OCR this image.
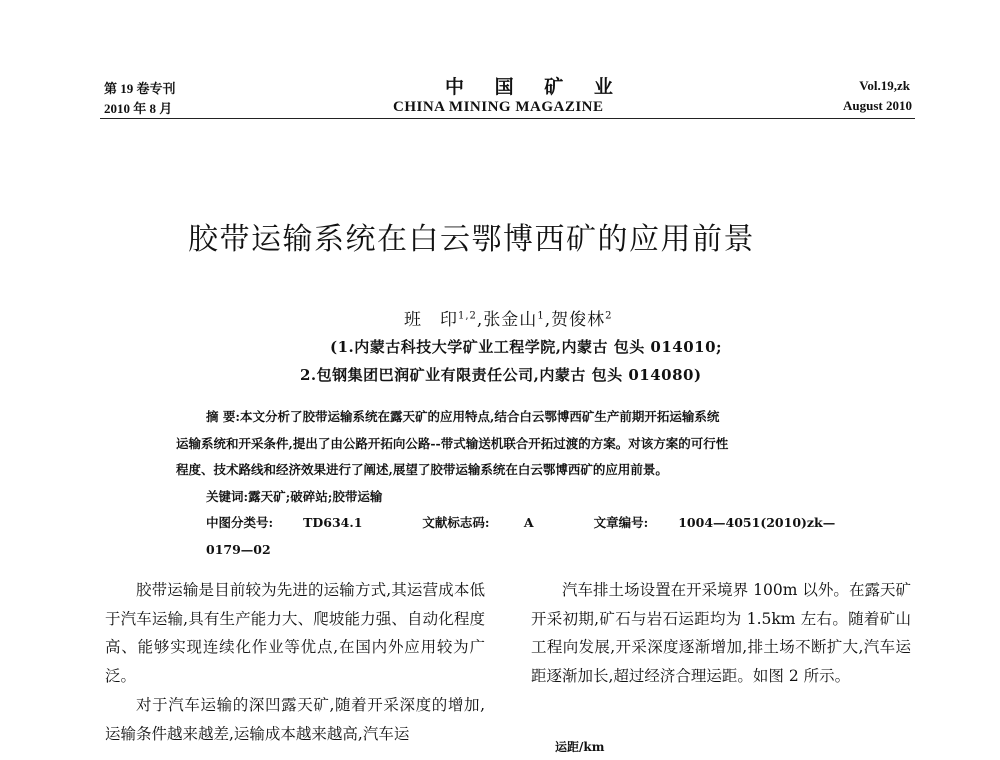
第 19 卷专刊
2010 年 8 月
中 国 矿 业
CHINA MINING MAGAZINE
Vol.19,zk
August 2010
胶带运输系统在白云鄂博西矿的应用前景
班　印$^{1,2}$,张金山$^1$,贺俊林$^2$
(1.内蒙古科技大学矿业工程学院,内蒙古 包头 014010;
2.包钢集团巴润矿业有限责任公司,内蒙古 包头 014080)

摘 要:本文分析了胶带运输系统在露天矿的应用特点,结合白云鄂博西矿生产前期开拓运输系统

运输系统和开采条件,提出了由公路开拓向公路--带式输送机联合开拓过渡的方案。对该方案的可行性

程度、技术路线和经济效果进行了阐述,展望了胶带运输系统在白云鄂博西矿的应用前景。

关键词:露天矿;破碎站;胶带运输

中图分类号: TD634.1	文献标志码:	A	文章编号: 1004—4051(2010)zk—0179—02

胶带运输是目前较为先进的运输方式,其运营成本低于汽车运输,具有生产能力大、爬坡能力强、自动化程度高、能够实现连续化作业等优点,在国内外应用较为广泛。

对于汽车运输的深凹露天矿,随着开采深度的增加,运输条件越来越差,运输成本越来越高,汽车运

汽车排土场设置在开采境界 100m 以外。在露天矿开采初期,矿石与岩石运距均为 1.5km 左右。随着矿山工程向发展,开采深度逐渐增加,排土场不断扩大,汽车运距逐渐加长,超过经济合理运距。如图 2 所示。

运距/km
